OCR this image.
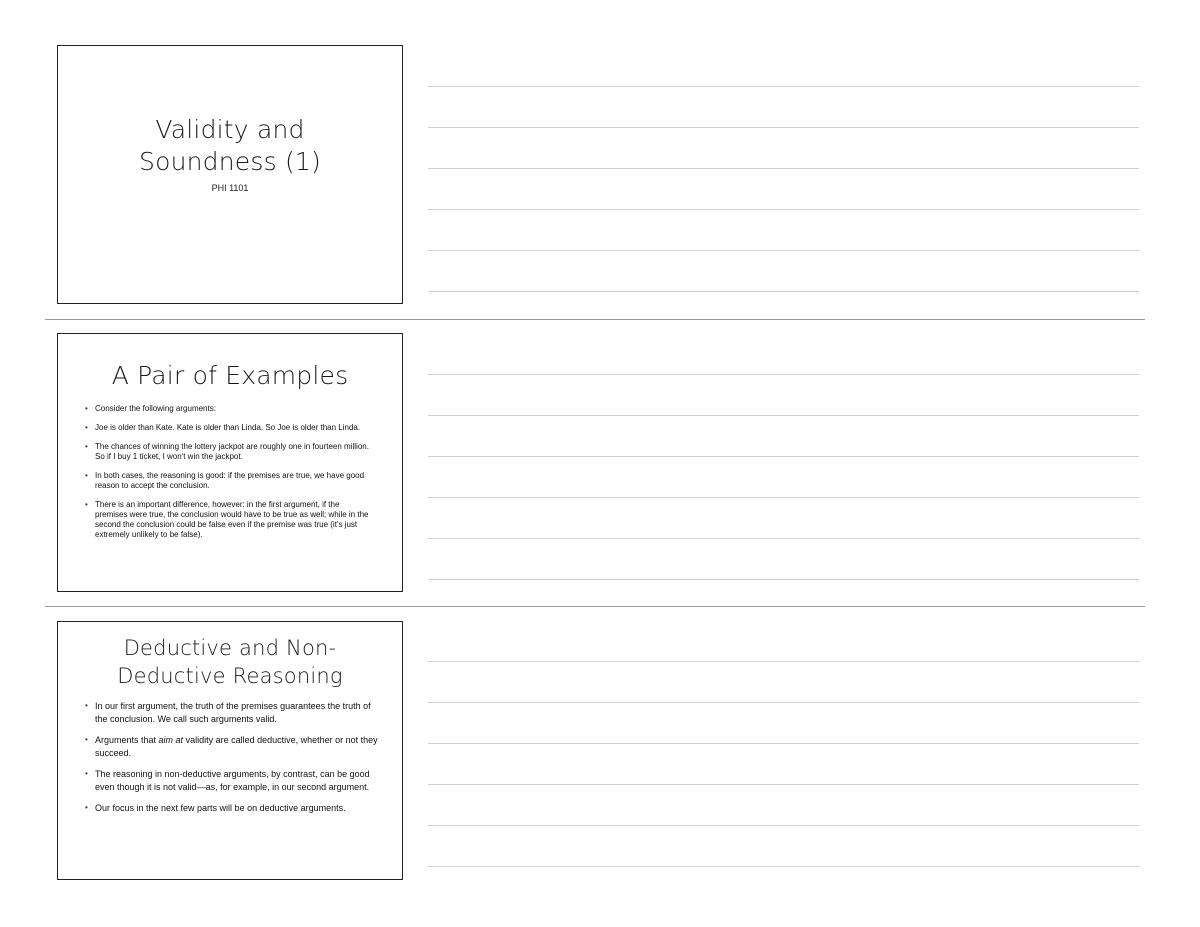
Validity and
Soundness (1)
PHI 1101
A Pair of Examples
• Consider the following arguments:
• Joe is older than Kate. Kate is older than Linda. So Joe is older than Linda.
• The chances of winning the lottery jackpot are roughly one in fourteen million. So if I buy 1 ticket, I won't win the jackpot.
• In both cases, the reasoning is good: if the premises are true, we have good reason to accept the conclusion.
• There is an important difference, however: in the first argument, if the premises were true, the conclusion would have to be true as well; while in the second the conclusion could be false even if the premise was true (it's just extremely unlikely to be false).
Deductive and Non-
Deductive Reasoning
• In our first argument, the truth of the premises guarantees the truth of the conclusion. We call such arguments valid.
• Arguments that aim at validity are called deductive, whether or not they succeed.
• The reasoning in non-deductive arguments, by contrast, can be good even though it is not valid—as, for example, in our second argument.
• Our focus in the next few parts will be on deductive arguments.
